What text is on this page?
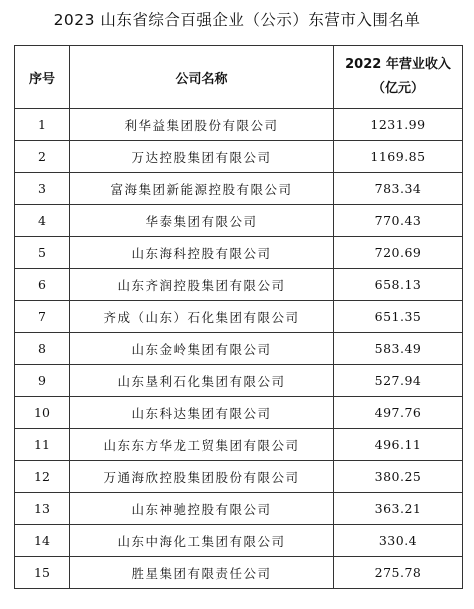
2023 山东省综合百强企业（公示）东营市入围名单
序号	公司名称	2022 年营业收入
（亿元）

1	利华益集团股份有限公司	1231.99
2	万达控股集团有限公司	1169.85
3	富海集团新能源控股有限公司	783.34
4	华泰集团有限公司	770.43
5	山东海科控股有限公司	720.69
6	山东齐润控股集团有限公司	658.13
7	齐成（山东）石化集团有限公司	651.35
8	山东金岭集团有限公司	583.49
9	山东垦利石化集团有限公司	527.94
10	山东科达集团有限公司	497.76
11	山东东方华龙工贸集团有限公司	496.11
12	万通海欣控股集团股份有限公司	380.25
13	山东神驰控股有限公司	363.21
14	山东中海化工集团有限公司	330.4
15	胜星集团有限责任公司	275.78
